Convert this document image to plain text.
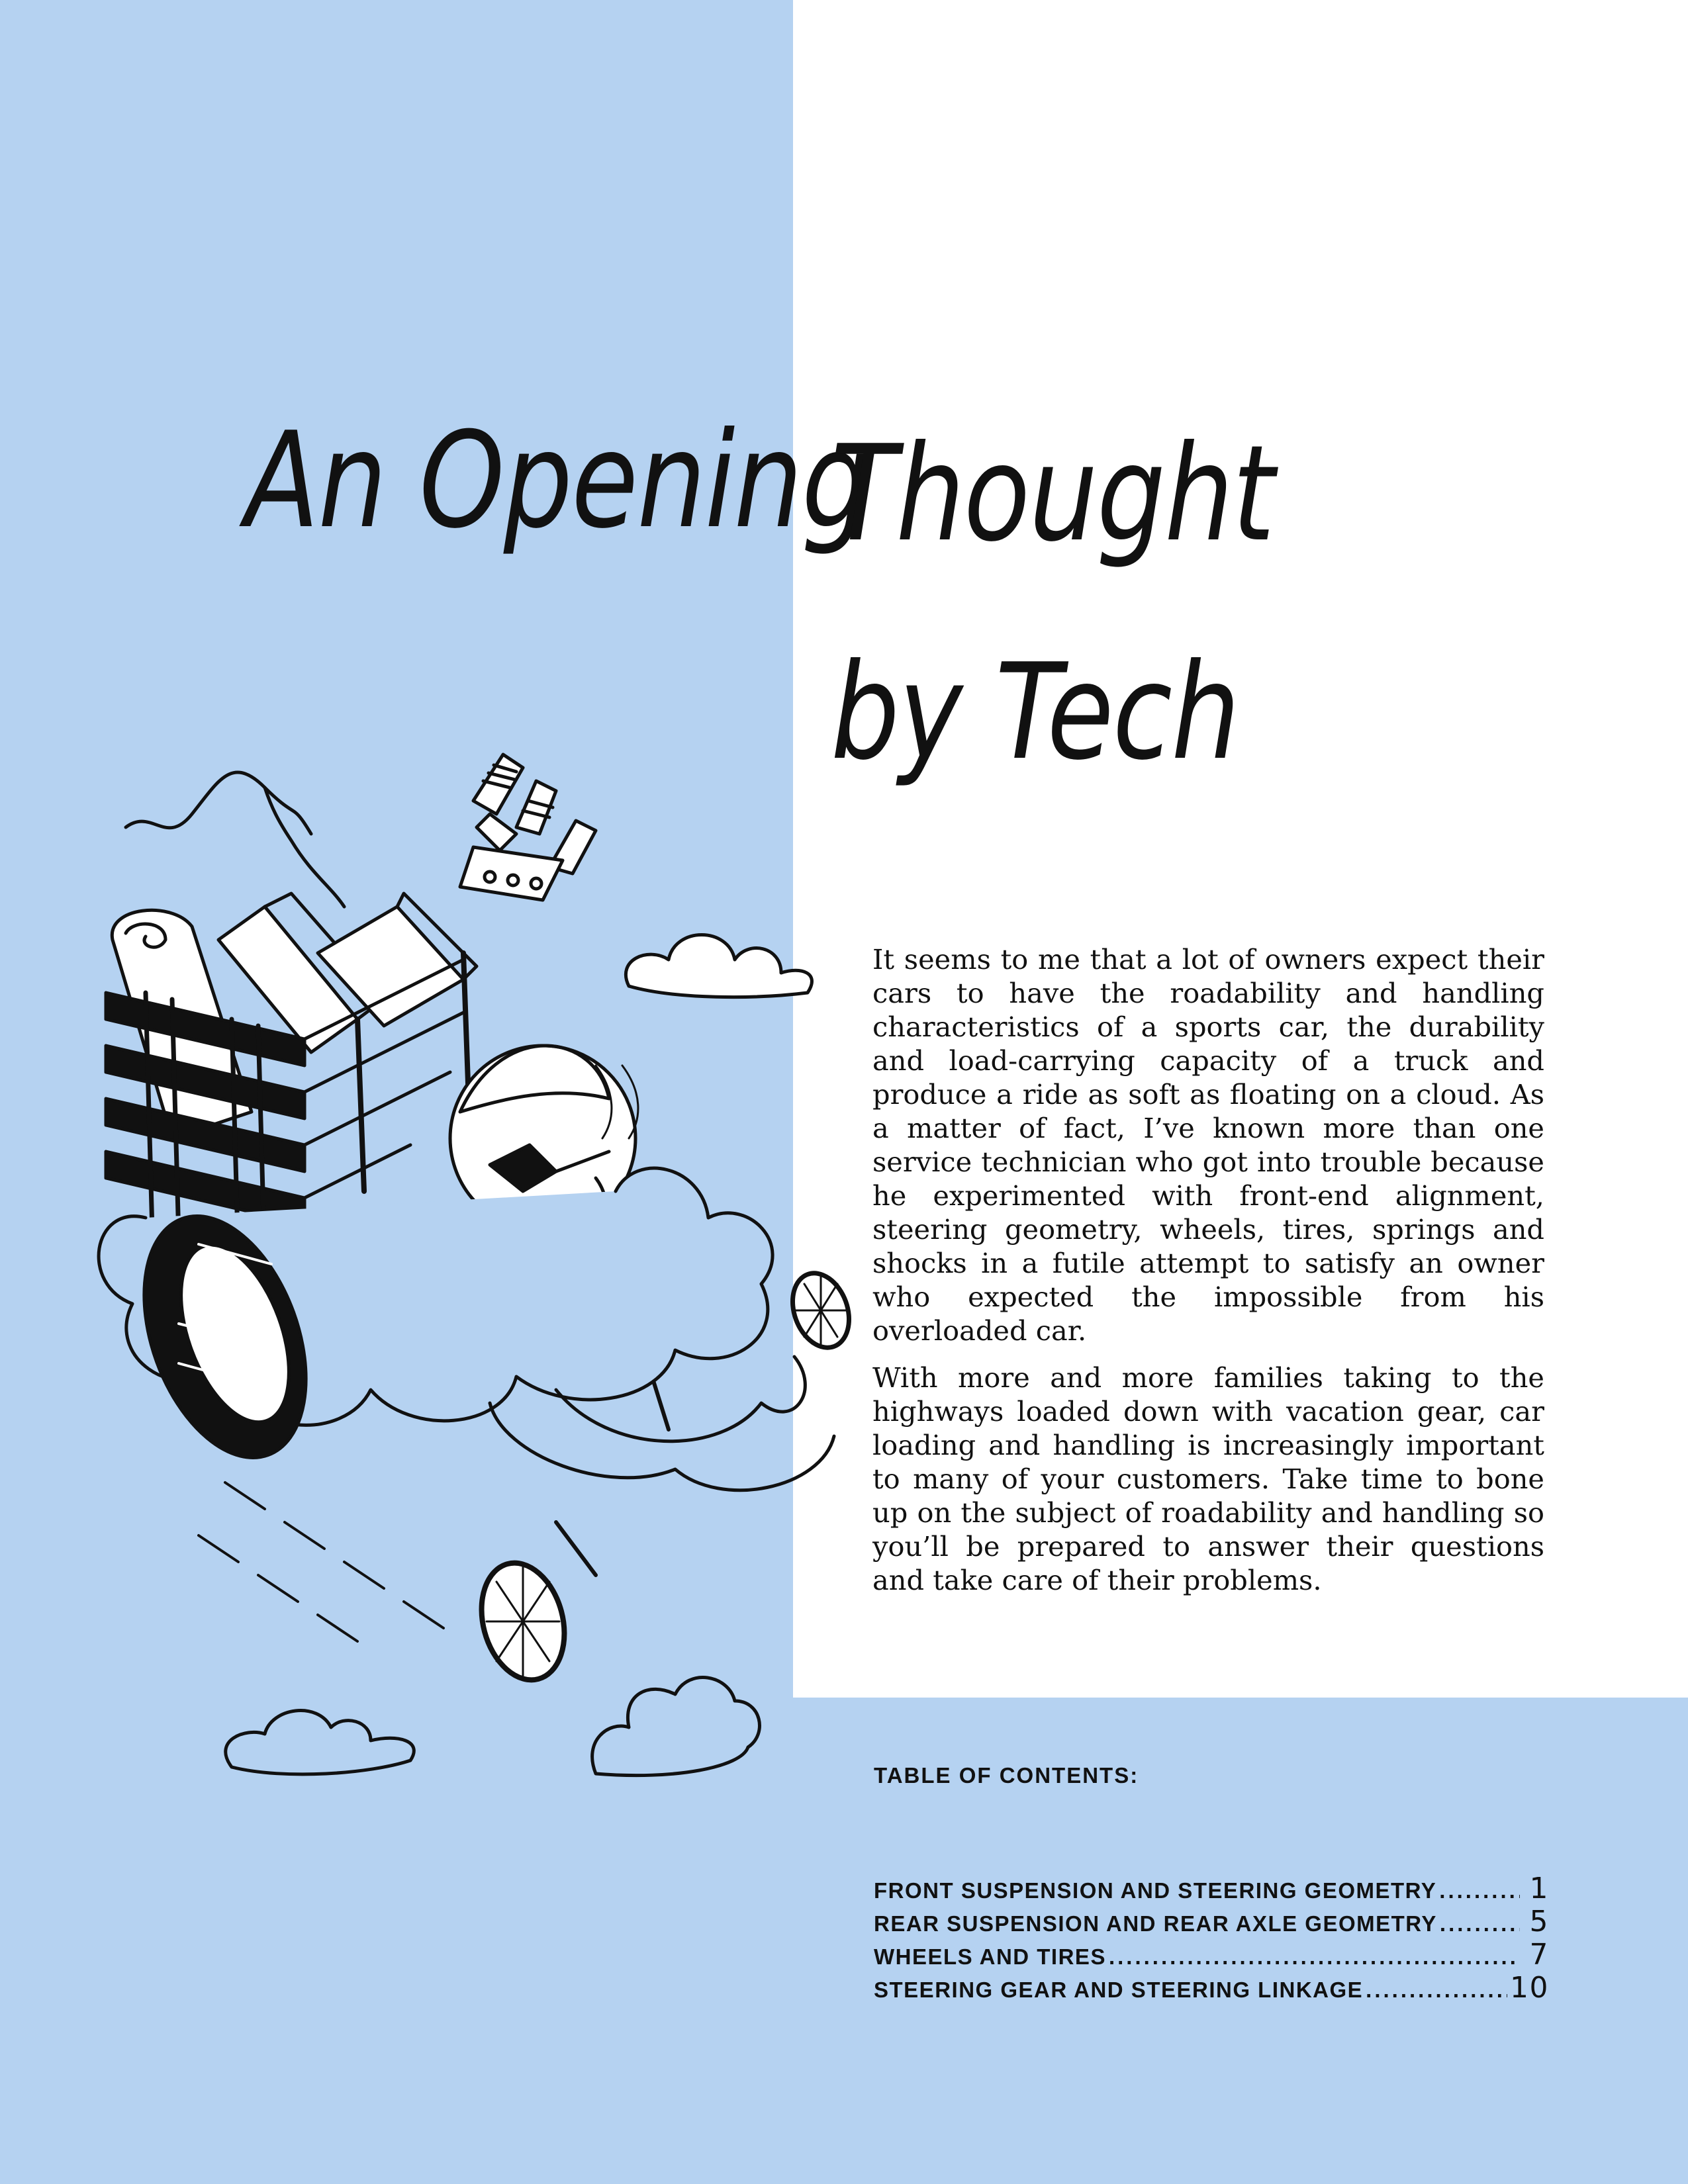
An Opening
Thought
by Tech

It seems to me that a lot of owners expect their cars to have the roadability and handling characteristics of a sports car, the durability and load-carrying capacity of a truck and produce a ride as soft as floating on a cloud. As a matter of fact, I’ve known more than one service technician who got into trouble because he experimented with front-end alignment, steering geometry, wheels, tires, springs and shocks in a futile attempt to satisfy an owner who expected the impossible from his overloaded car.

With more and more families taking to the highways loaded down with vacation gear, car loading and handling is increasingly important to many of your customers. Take time to bone up on the subject of roadability and handling so you’ll be prepared to answer their questions and take care of their problems.

TABLE OF CONTENTS:
FRONT SUSPENSION AND STEERING GEOMETRY .....	1
REAR SUSPENSION AND REAR AXLE GEOMETRY .....	5
WHEELS AND TIRES .....	7
STEERING GEAR AND STEERING LINKAGE .....	10
